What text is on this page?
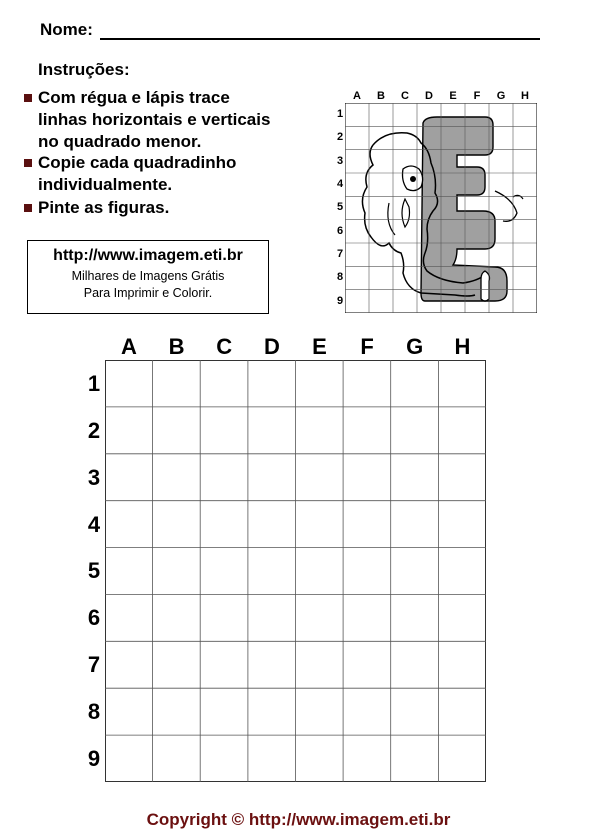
Nome:
Instruções:
Com régua e lápis trace
linhas horizontais e verticais
no quadrado menor.
Copie cada quadradinho
individualmente.
Pinte as figuras.
http://www.imagem.eti.br
Milhares de Imagens Grátis
Para Imprimir e Colorir.
A	B	C	D	E	F	G	H
1
2
3
4
5
6
7
8
9
A	B	C	D	E	F	G	H
1
2
3
4
5
6
7
8
9
Copyright © http://www.imagem.eti.br
